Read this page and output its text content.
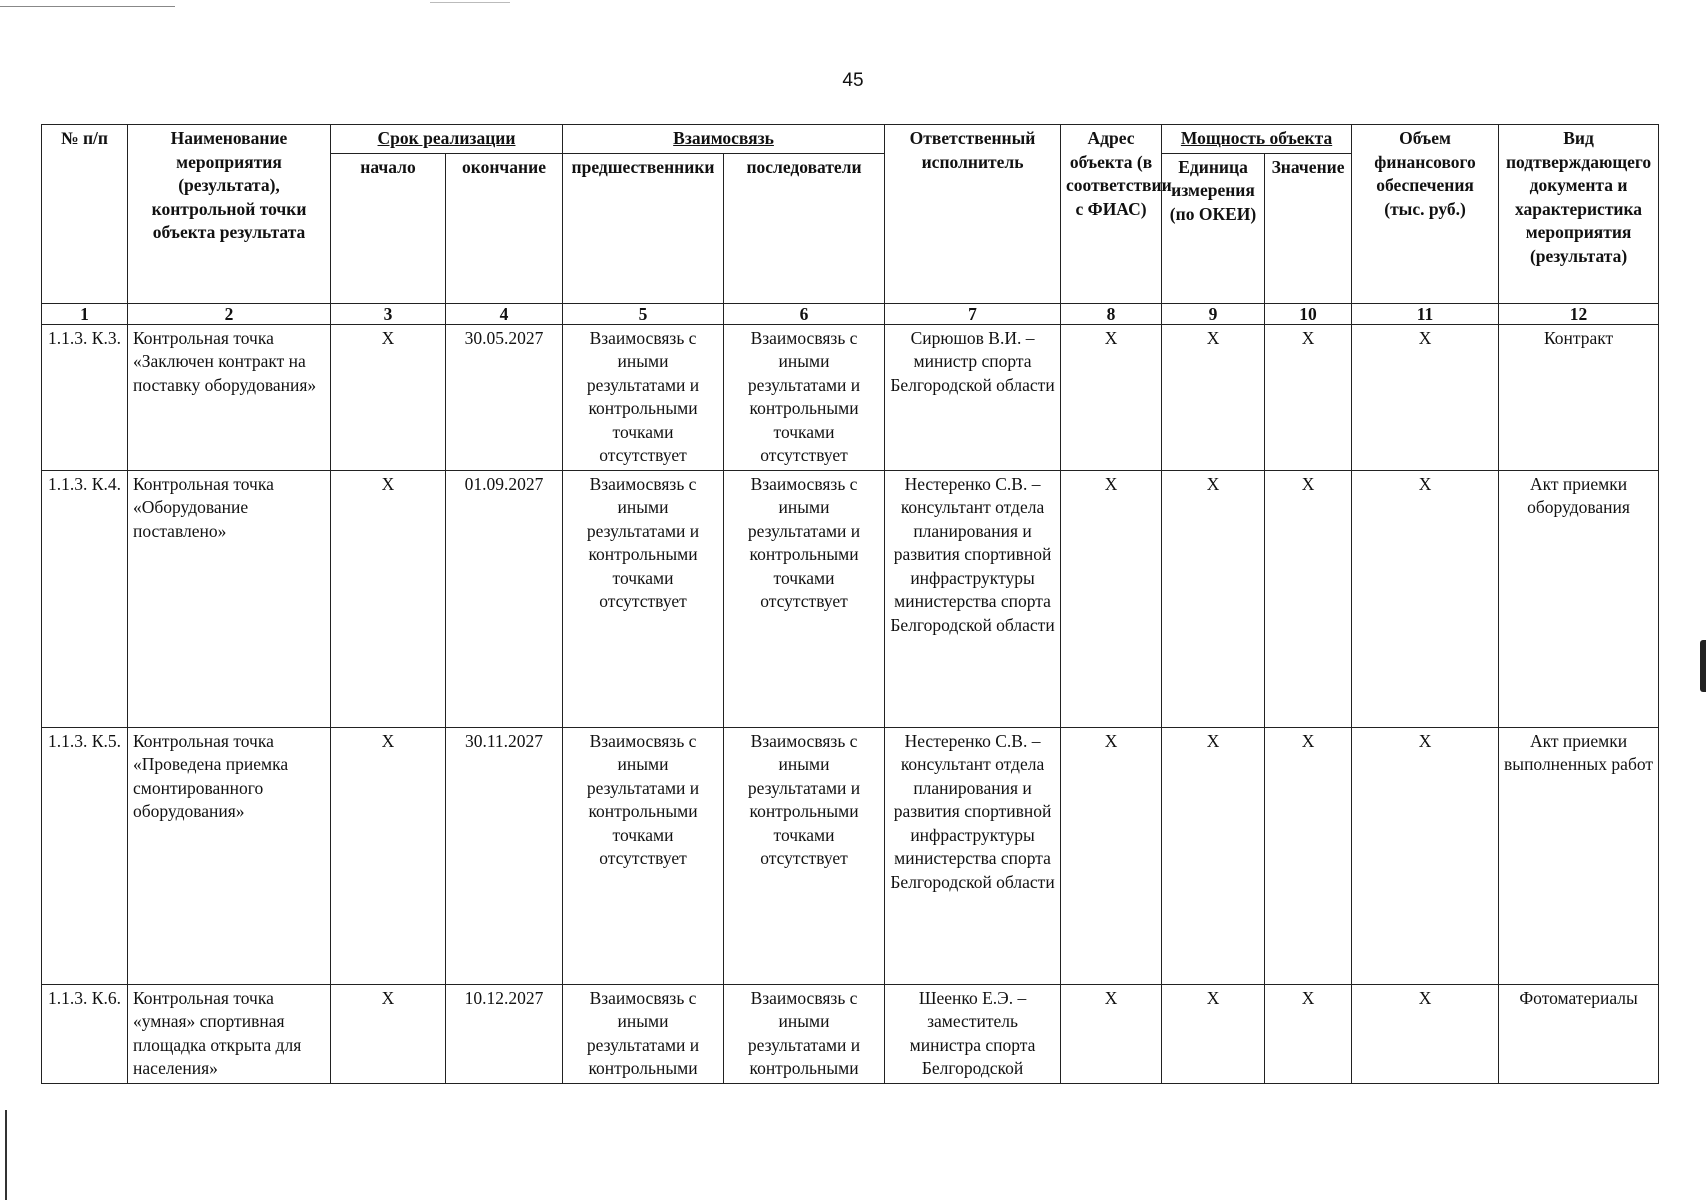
45
№ п/п	Наименование мероприятия (результата), контрольной точки объекта результата	Срок реализации		Взаимосвязь		Ответственный исполнитель	Адрес объекта (в соответствии с ФИАС)	Мощность объекта		Объем финансового обеспечения (тыс. руб.)	Вид подтверждающего документа и характеристика мероприятия (результата)
		начало	окончание	предшественники	последователи			Единица измерения (по ОКЕИ)	Значение		
1	2	3	4	5	6	7	8	9	10	11	12
1.1.3. К.3.	Контрольная точка «Заключен контракт на поставку оборудования»	X	30.05.2027	Взаимосвязь с иными результатами и контрольными точками отсутствует	Взаимосвязь с иными результатами и контрольными точками отсутствует	Сирюшов В.И. – министр спорта Белгородской области	X	X	X	X	Контракт
1.1.3. К.4.	Контрольная точка «Оборудование поставлено»	X	01.09.2027	Взаимосвязь с иными результатами и контрольными точками отсутствует	Взаимосвязь с иными результатами и контрольными точками отсутствует	Нестеренко С.В. – консультант отдела планирования и развития спортивной инфраструктуры министерства спорта Белгородской области	X	X	X	X	Акт приемки оборудования
1.1.3. К.5.	Контрольная точка «Проведена приемка смонтированного оборудования»	X	30.11.2027	Взаимосвязь с иными результатами и контрольными точками отсутствует	Взаимосвязь с иными результатами и контрольными точками отсутствует	Нестеренко С.В. – консультант отдела планирования и развития спортивной инфраструктуры министерства спорта Белгородской области	X	X	X	X	Акт приемки выполненных работ
1.1.3. К.6.	Контрольная точка «умная» спортивная площадка открыта для населения»	X	10.12.2027	Взаимосвязь с иными результатами и контрольными	Взаимосвязь с иными результатами и контрольными	Шеенко Е.Э. – заместитель министра спорта Белгородской	X	X	X	X	Фотоматериалы
